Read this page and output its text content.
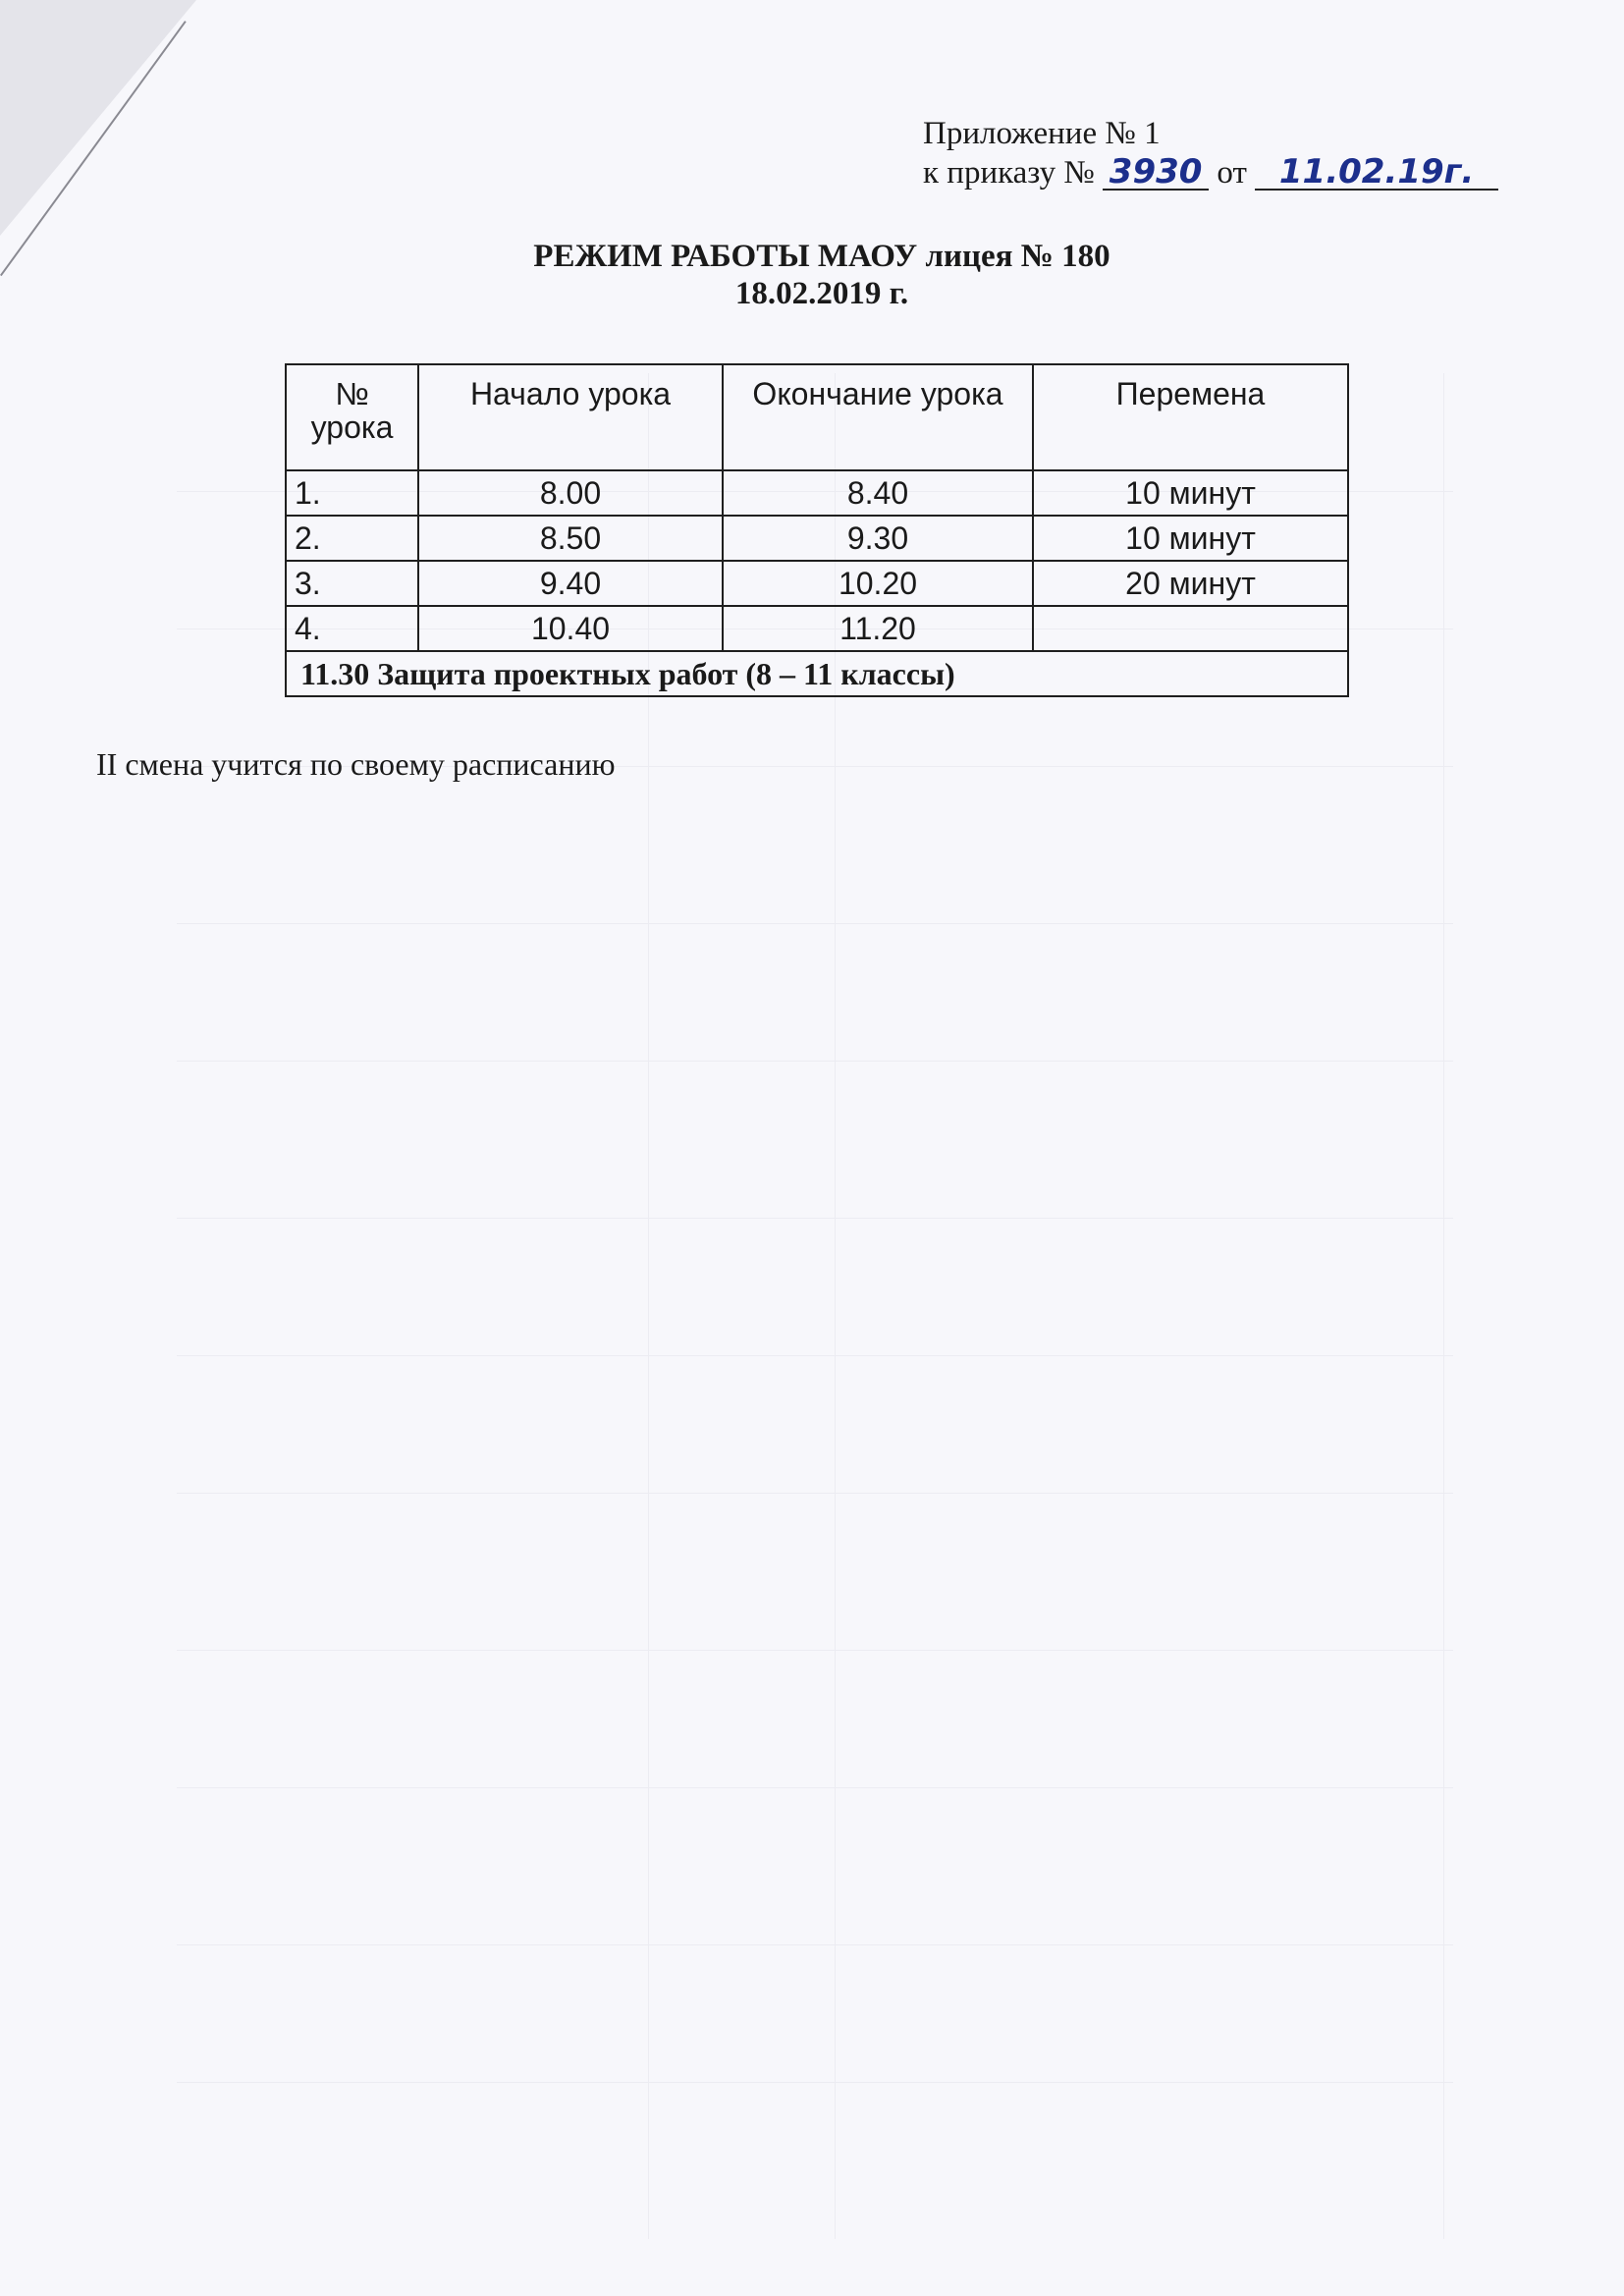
Приложение № 1
к приказу № 3930 от 11.02.19г.
РЕЖИМ РАБОТЫ МАОУ лицея № 180
18.02.2019 г.
№ урока	Начало урока	Окончание урока	Перемена
1.	8.00	8.40	10 минут
2.	8.50	9.30	10 минут
3.	9.40	10.20	20 минут
4.	10.40	11.20	
11.30 Защита проектных работ (8 – 11 классы)			
II смена учится по своему расписанию
